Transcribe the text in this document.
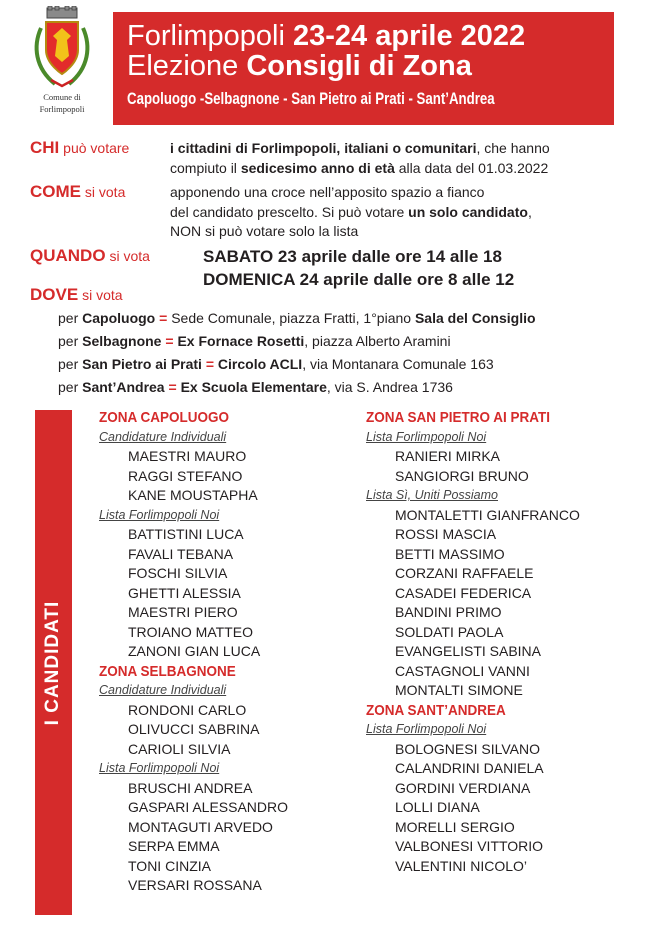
Comune di
Forlimpopoli
Forlimpopoli 23-24 aprile 2022
Elezione Consigli di Zona
Capoluogo -Selbagnone - San Pietro ai Prati - Sant’Andrea
CHI può votare	i cittadini di Forlimpopoli, italiani o comunitari, che hanno
compiuto il sedicesimo anno di età alla data del 01.03.2022
COME si vota	apponendo una croce nell’apposito spazio a fianco
del candidato prescelto. Si può votare un solo candidato,
NON si può votare solo la lista
QUANDO si vota	SABATO 23 aprile dalle ore 14 alle 18
DOMENICA 24 aprile dalle ore 8 alle 12
DOVE si vota
per Capoluogo = Sede Comunale, piazza Fratti, 1°piano Sala del Consiglio
per Selbagnone = Ex Fornace Rosetti, piazza Alberto Aramini
per San Pietro ai Prati = Circolo ACLI, via Montanara Comunale 163
per Sant’Andrea = Ex Scuola Elementare, via S. Andrea 1736
I CANDIDATI
ZONA CAPOLUOGO
Candidature Individuali
MAESTRI MAURO
RAGGI STEFANO
KANE MOUSTAPHA
Lista Forlimpopoli Noi
BATTISTINI LUCA
FAVALI TEBANA
FOSCHI SILVIA
GHETTI ALESSIA
MAESTRI PIERO
TROIANO MATTEO
ZANONI GIAN LUCA
ZONA SELBAGNONE
Candidature Individuali
RONDONI CARLO
OLIVUCCI SABRINA
CARIOLI SILVIA
Lista Forlimpopoli Noi
BRUSCHI ANDREA
GASPARI ALESSANDRO
MONTAGUTI ARVEDO
SERPA EMMA
TONI CINZIA
VERSARI ROSSANA
ZONA SAN PIETRO AI PRATI
Lista Forlimpopoli Noi
RANIERI MIRKA
SANGIORGI BRUNO
Lista Sì, Uniti Possiamo
MONTALETTI GIANFRANCO
ROSSI MASCIA
BETTI MASSIMO
CORZANI RAFFAELE
CASADEI FEDERICA
BANDINI PRIMO
SOLDATI PAOLA
EVANGELISTI SABINA
CASTAGNOLI VANNI
MONTALTI SIMONE
ZONA SANT’ANDREA
Lista Forlimpopoli Noi
BOLOGNESI SILVANO
CALANDRINI DANIELA
GORDINI VERDIANA
LOLLI DIANA
MORELLI SERGIO
VALBONESI VITTORIO
VALENTINI NICOLO’
